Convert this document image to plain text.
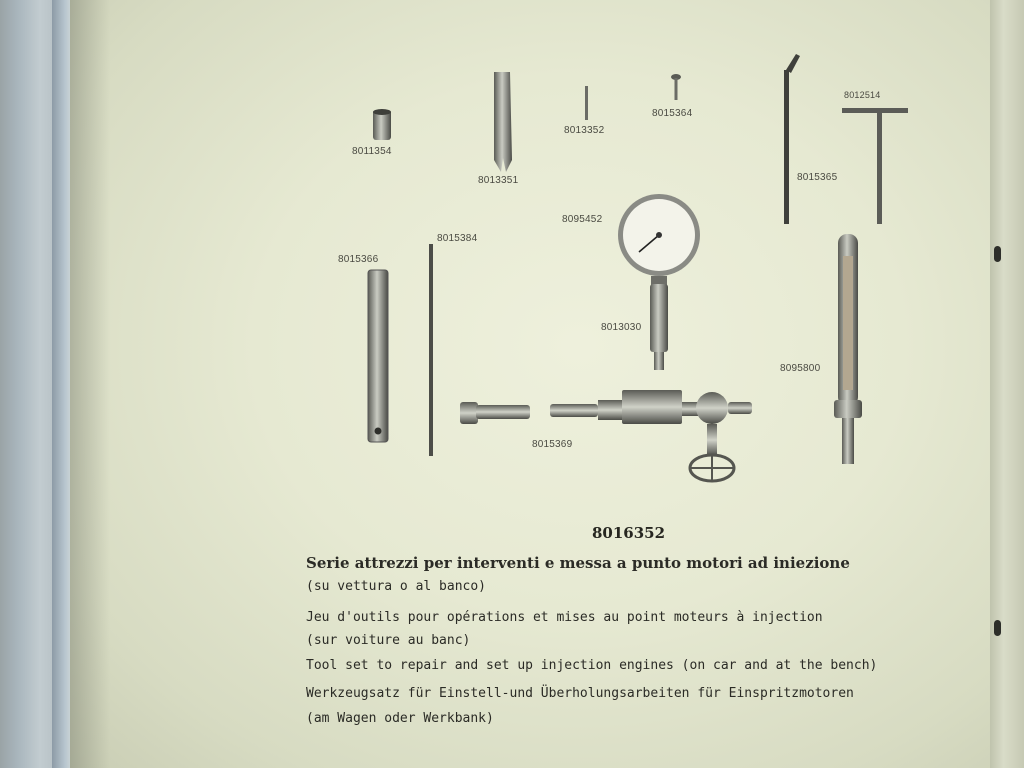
8011354
8013351
8013352
8015364
8015365
8012514
8095452
8015366
8015384
8013030
8095800
8015369
8016352
Serie attrezzi per interventi e messa a punto motori ad iniezione
(su vettura o al banco)
Jeu d'outils pour opérations et mises au point moteurs à injection
(sur voiture au banc)
Tool set to repair and set up injection engines (on car and at the bench)
Werkzeugsatz für Einstell-und Überholungsarbeiten für Einspritzmotoren
(am Wagen oder Werkbank)
